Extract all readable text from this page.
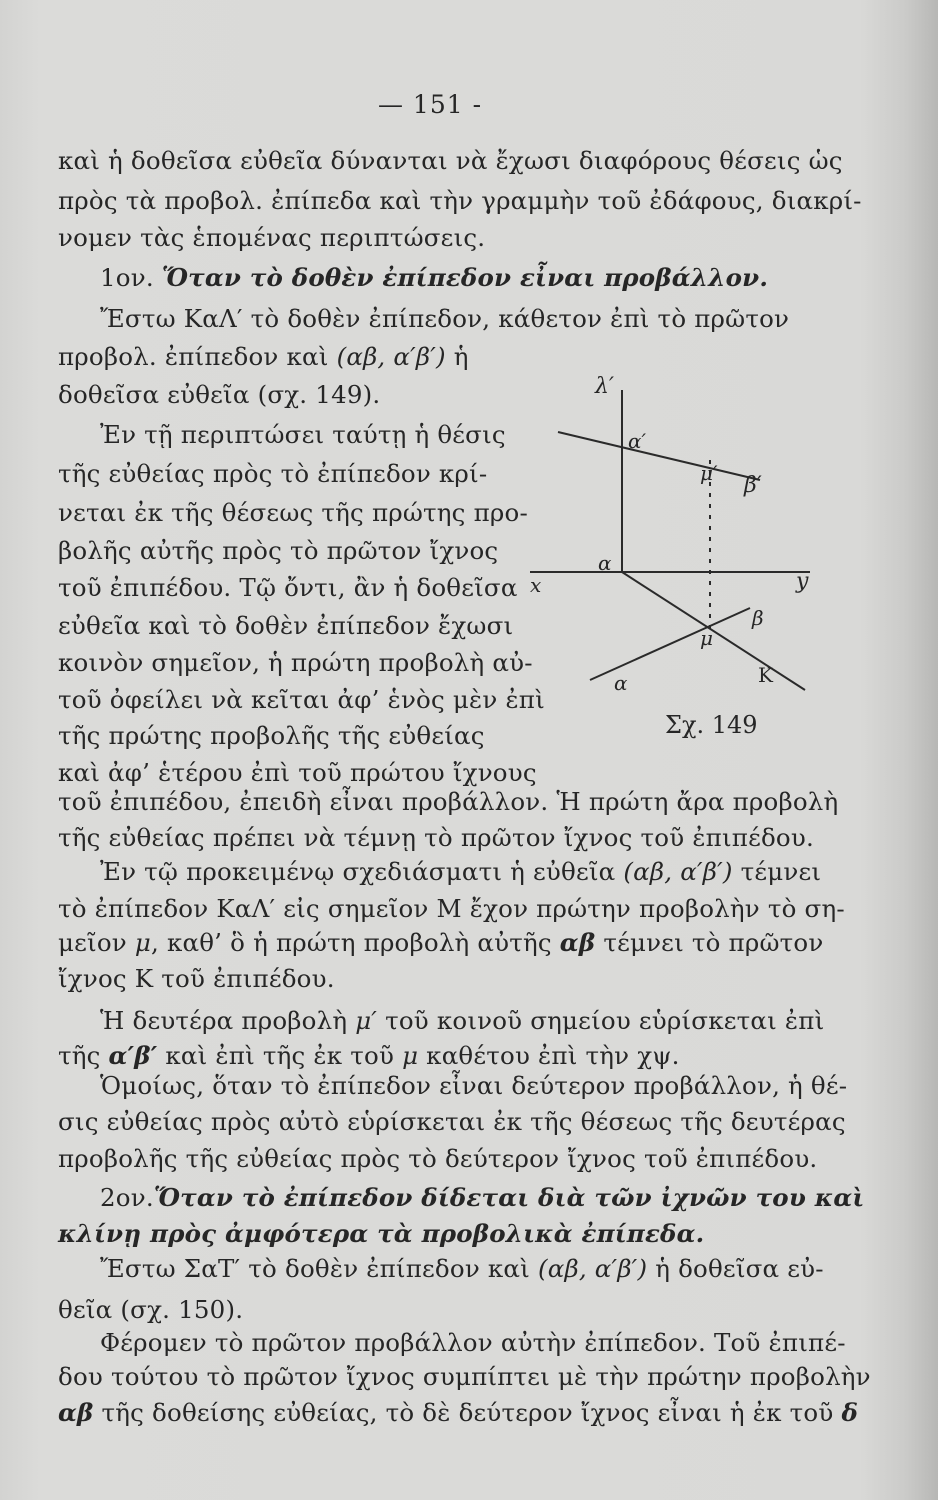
— 151 -
καὶ ἡ δοθεῖσα εὐθεῖα δύνανται νὰ ἔχωσι διαφόρους θέσεις ὡς
πρὸς τὰ προβολ. ἐπίπεδα καὶ τὴν γραμμὴν τοῦ ἐδάφους, διακρί-
νομεν τὰς ἑπομένας περιπτώσεις.
1ον. Ὅταν τὸ δοθὲν ἐπίπεδον εἶναι προβάλλον.
Ἔστω ΚαΛ′ τὸ δοθὲν ἐπίπεδον, κάθετον ἐπὶ τὸ πρῶτον
προβολ. ἐπίπεδον καὶ (αβ, α′β′) ἡ
δοθεῖσα εὐθεῖα (σχ. 149).
Ἐν τῇ περιπτώσει ταύτῃ ἡ θέσις
τῆς εὐθείας πρὸς τὸ ἐπίπεδον κρί-
νεται ἐκ τῆς θέσεως τῆς πρώτης προ-
βολῆς αὐτῆς πρὸς τὸ πρῶτον ἴχνος
τοῦ ἐπιπέδου. Τῷ ὄντι, ἂν ἡ δοθεῖσα
εὐθεῖα καὶ τὸ δοθὲν ἐπίπεδον ἔχωσι
κοινὸν σημεῖον, ἡ πρώτη προβολὴ αὐ-
τοῦ ὀφείλει νὰ κεῖται ἀφ’ ἑνὸς μὲν ἐπὶ
τῆς πρώτης προβολῆς τῆς εὐθείας
καὶ ἀφ’ ἑτέρου ἐπὶ τοῦ πρώτου ἴχνους
τοῦ ἐπιπέδου, ἐπειδὴ εἶναι προβάλλον. Ἡ πρώτη ἄρα προβολὴ
τῆς εὐθείας πρέπει νὰ τέμνῃ τὸ πρῶτον ἴχνος τοῦ ἐπιπέδου.
Ἐν τῷ προκειμένῳ σχεδιάσματι ἡ εὐθεῖα (αβ, α′β′) τέμνει
τὸ ἐπίπεδον ΚαΛ′ εἰς σημεῖον Μ ἔχον πρώτην προβολὴν τὸ ση-
μεῖον μ, καθ’ ὃ ἡ πρώτη προβολὴ αὐτῆς αβ τέμνει τὸ πρῶτον
ἴχνος Κ τοῦ ἐπιπέδου.
Ἡ δευτέρα προβολὴ μ′ τοῦ κοινοῦ σημείου εὑρίσκεται ἐπὶ
τῆς α′β′ καὶ ἐπὶ τῆς ἐκ τοῦ μ καθέτου ἐπὶ τὴν χψ.
Ὁμοίως, ὅταν τὸ ἐπίπεδον εἶναι δεύτερον προβάλλον, ἡ θέ-
σις εὐθείας πρὸς αὐτὸ εὑρίσκεται ἐκ τῆς θέσεως τῆς δευτέρας
προβολῆς τῆς εὐθείας πρὸς τὸ δεύτερον ἴχνος τοῦ ἐπιπέδου.
2ον.Ὅταν τὸ ἐπίπεδον δίδεται διὰ τῶν ἰχνῶν του καὶ
κλίνῃ πρὸς ἀμφότερα τὰ προβολικὰ ἐπίπεδα.
Ἔστω ΣαΤ′ τὸ δοθὲν ἐπίπεδον καὶ (αβ, α′β′) ἡ δοθεῖσα εὐ-
θεῖα (σχ. 150).
Φέρομεν τὸ πρῶτον προβάλλον αὐτὴν ἐπίπεδον. Τοῦ ἐπιπέ-
δου τούτου τὸ πρῶτον ἴχνος συμπίπτει μὲ τὴν πρώτην προβολὴν
αβ τῆς δοθείσης εὐθείας, τὸ δὲ δεύτερον ἴχνος εἶναι ἡ ἐκ τοῦ δ
λ′
α′
μ′ β′
α
x	y
β
μ
α	Κ
Σχ. 149
